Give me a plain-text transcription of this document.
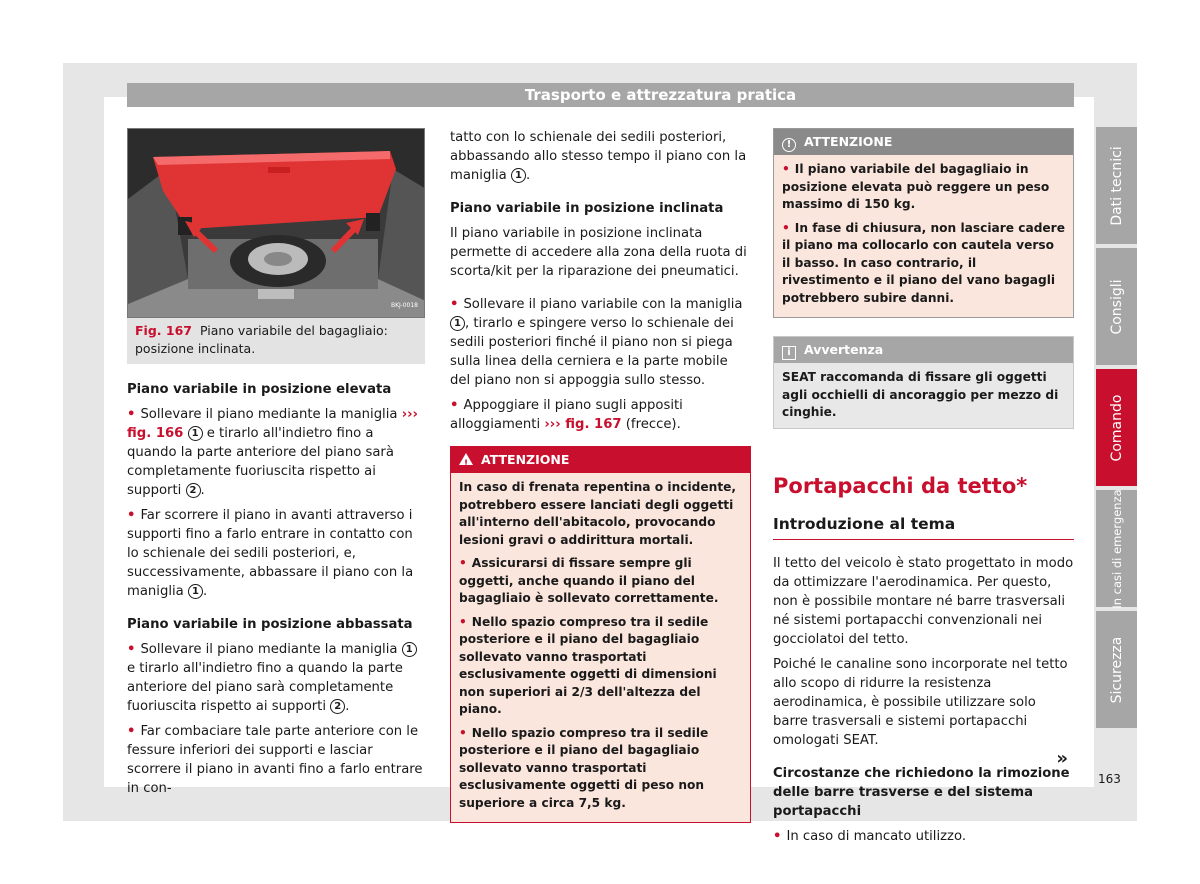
Trasporto e attrezzatura pratica
BKJ-0018
Fig. 167 Piano variabile del bagagliaio: posizione inclinata.
Piano variabile in posizione elevata

• Sollevare il piano mediante la maniglia ››› fig. 166 1 e tirarlo all'indietro fino a quando la parte anteriore del piano sarà completamente fuoriuscita rispetto ai supporti 2 .

• Far scorrere il piano in avanti attraverso i supporti fino a farlo entrare in contatto con lo schienale dei sedili posteriori, e, successivamente, abbassare il piano con la maniglia 1 .

Piano variabile in posizione abbassata

• Sollevare il piano mediante la maniglia 1 e tirarlo all'indietro fino a quando la parte anteriore del piano sarà completamente fuoriuscita rispetto ai supporti 2 .

• Far combaciare tale parte anteriore con le fessure inferiori dei supporti e lasciar scorrere il piano in avanti fino a farlo entrare in con-

tatto con lo schienale dei sedili posteriori, abbassando allo stesso tempo il piano con la maniglia 1 .

Piano variabile in posizione inclinata

Il piano variabile in posizione inclinata permette di accedere alla zona della ruota di scorta/kit per la riparazione dei pneumatici.

• Sollevare il piano variabile con la maniglia 1 , tirarlo e spingere verso lo schienale dei sedili posteriori finché il piano non si piega sulla linea della cerniera e la parte mobile del piano non si appoggia sullo stesso.

• Appoggiare il piano sugli appositi alloggiamenti ››› fig. 167 (frecce).

!ATTENZIONE

In caso di frenata repentina o incidente, potrebbero essere lanciati degli oggetti all'interno dell'abitacolo, provocando lesioni gravi o addirittura mortali.

• Assicurarsi di fissare sempre gli oggetti, anche quando il piano del bagagliaio è sollevato correttamente.

• Nello spazio compreso tra il sedile posteriore e il piano del bagagliaio sollevato vanno trasportati esclusivamente oggetti di dimensioni non superiori ai 2/3 dell'altezza del piano.

• Nello spazio compreso tra il sedile posteriore e il piano del bagagliaio sollevato vanno trasportati esclusivamente oggetti di peso non superiore a circa 7,5 kg.

! ATTENZIONE

• Il piano variabile del bagagliaio in posizione elevata può reggere un peso massimo di 150 kg.

• In fase di chiusura, non lasciare cadere il piano ma collocarlo con cautela verso il basso. In caso contrario, il rivestimento e il piano del vano bagagli potrebbero subire danni.

i Avvertenza
SEAT raccomanda di fissare gli oggetti agli occhielli di ancoraggio per mezzo di cinghie.
Portapacchi da tetto*
Introduzione al tema

Il tetto del veicolo è stato progettato in modo da ottimizzare l'aerodinamica. Per questo, non è possibile montare né barre trasversali né sistemi portapacchi convenzionali nei gocciolatoi del tetto.

Poiché le canaline sono incorporate nel tetto allo scopo di ridurre la resistenza aerodinamica, è possibile utilizzare solo barre trasversali e sistemi portapacchi omologati SEAT.

Circostanze che richiedono la rimozione delle barre trasverse e del sistema portapacchi

• In caso di mancato utilizzo.

»
Dati tecnici
Consigli
Comando
In casi di emergenza
Sicurezza
163
